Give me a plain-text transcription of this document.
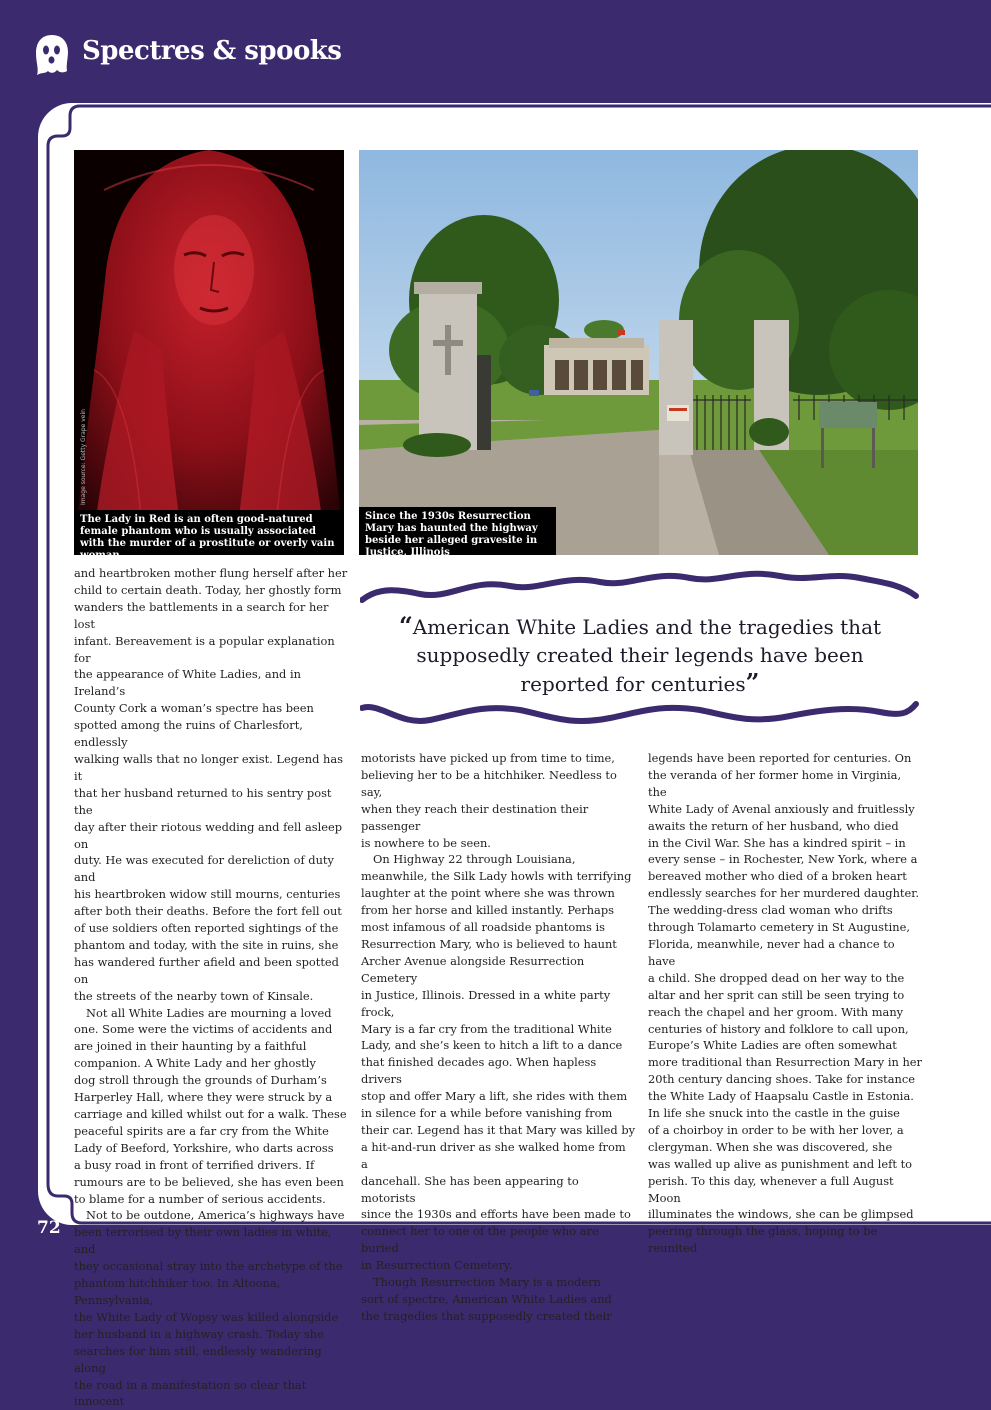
Spectres & spooks
The Lady in Red is an often good-natured female phantom who is usually associated with the murder of a prostitute or overly vain woman
Since the 1930s Resurrection Mary has haunted the highway beside her alleged gravesite in Justice, Illinois

and heartbroken mother flung herself after her
child to certain death. Today, her ghostly form
wanders the battlements in a search for her lost
infant. Bereavement is a popular explanation for
the appearance of White Ladies, and in Ireland’s
County Cork a woman’s spectre has been
spotted among the ruins of Charlesfort, endlessly
walking walls that no longer exist. Legend has it
that her husband returned to his sentry post the
day after their riotous wedding and fell asleep on
duty. He was executed for dereliction of duty and
his heartbroken widow still mourns, centuries
after both their deaths. Before the fort fell out
of use soldiers often reported sightings of the
phantom and today, with the site in ruins, she
has wandered further afield and been spotted on
the streets of the nearby town of Kinsale.

Not all White Ladies are mourning a loved
one. Some were the victims of accidents and
are joined in their haunting by a faithful
companion. A White Lady and her ghostly
dog stroll through the grounds of Durham’s
Harperley Hall, where they were struck by a
carriage and killed whilst out for a walk. These
peaceful spirits are a far cry from the White
Lady of Beeford, Yorkshire, who darts across
a busy road in front of terrified drivers. If
rumours are to be believed, she has even been
to blame for a number of serious accidents.

Not to be outdone, America’s highways have
been terrorised by their own ladies in white, and
they occasional stray into the archetype of the
phantom hitchhiker too. In Altoona, Pennsylvania,
the White Lady of Wopsy was killed alongside
her husband in a highway crash. Today she
searches for him still, endlessly wandering along
the road in a manifestation so clear that innocent

“American White Ladies and the tragedies that supposedly created their legends have been reported for centuries”

motorists have picked up from time to time,
believing her to be a hitchhiker. Needless to say,
when they reach their destination their passenger
is nowhere to be seen.

On Highway 22 through Louisiana,
meanwhile, the Silk Lady howls with terrifying
laughter at the point where she was thrown
from her horse and killed instantly. Perhaps
most infamous of all roadside phantoms is
Resurrection Mary, who is believed to haunt
Archer Avenue alongside Resurrection Cemetery
in Justice, Illinois. Dressed in a white party frock,
Mary is a far cry from the traditional White
Lady, and she’s keen to hitch a lift to a dance
that finished decades ago. When hapless drivers
stop and offer Mary a lift, she rides with them
in silence for a while before vanishing from
their car. Legend has it that Mary was killed by
a hit-and-run driver as she walked home from a
dancehall. She has been appearing to motorists
since the 1930s and efforts have been made to
connect her to one of the people who are buried
in Resurrection Cemetery.

Though Resurrection Mary is a modern
sort of spectre, American White Ladies and
the tragedies that supposedly created their

legends have been reported for centuries. On
the veranda of her former home in Virginia, the
White Lady of Avenal anxiously and fruitlessly
awaits the return of her husband, who died
in the Civil War. She has a kindred spirit – in
every sense – in Rochester, New York, where a
bereaved mother who died of a broken heart
endlessly searches for her murdered daughter.
The wedding-dress clad woman who drifts
through Tolamarto cemetery in St Augustine,
Florida, meanwhile, never had a chance to have
a child. She dropped dead on her way to the
altar and her sprit can still be seen trying to
reach the chapel and her groom. With many
centuries of history and folklore to call upon,
Europe’s White Ladies are often somewhat
more traditional than Resurrection Mary in her
20th century dancing shoes. Take for instance
the White Lady of Haapsalu Castle in Estonia.
In life she snuck into the castle in the guise
of a choirboy in order to be with her lover, a
clergyman. When she was discovered, she
was walled up alive as punishment and left to
perish. To this day, whenever a full August Moon
illuminates the windows, she can be glimpsed
peering through the glass, hoping to be reunited

72
